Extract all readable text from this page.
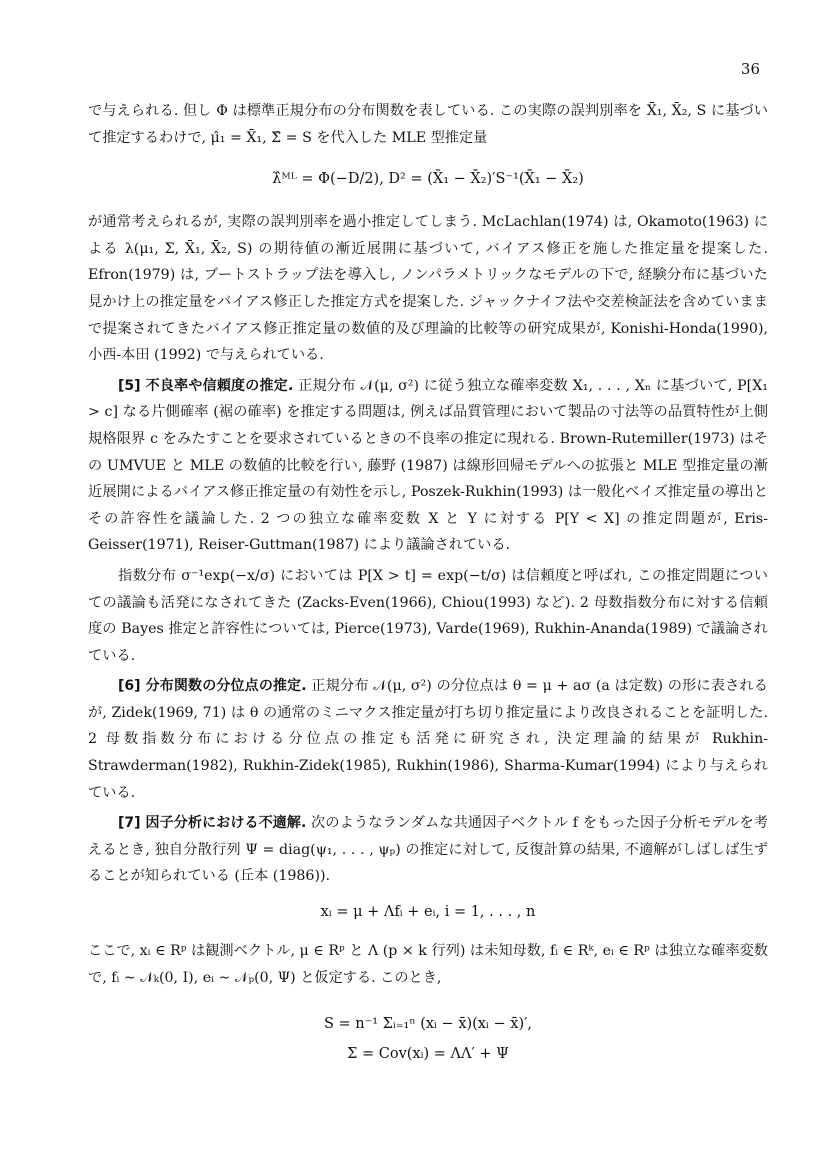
36

で与えられる. 但し Φ は標準正規分布の分布関数を表している. この実際の誤判別率を X̄₁, X̄₂, S に基づいて推定するわけで, μ̂₁ = X̄₁, Σ̂ = S を代入した MLE 型推定量

λ̂ᴹᴸ = Φ(−D/2), D² = (X̄₁ − X̄₂)′S⁻¹(X̄₁ − X̄₂)

が通常考えられるが, 実際の誤判別率を過小推定してしまう. McLachlan(1974) は, Okamoto(1963) による λ(μ₁, Σ, X̄₁, X̄₂, S) の期待値の漸近展開に基づいて, バイアス修正を施した推定量を提案した. Efron(1979) は, ブートストラップ法を導入し, ノンパラメトリックなモデルの下で, 経験分布に基づいた見かけ上の推定量をバイアス修正した推定方式を提案した. ジャックナイフ法や交差検証法を含めていままで提案されてきたバイアス修正推定量の数値的及び理論的比較等の研究成果が, Konishi-Honda(1990), 小西-本田 (1992) で与えられている.

[5] 不良率や信頼度の推定. 正規分布 𝒩(μ, σ²) に従う独立な確率変数 X₁, . . . , Xₙ に基づいて, P[X₁ > c] なる片側確率 (裾の確率) を推定する問題は, 例えば品質管理において製品の寸法等の品質特性が上側規格限界 c をみたすことを要求されているときの不良率の推定に現れる. Brown-Rutemiller(1973) はその UMVUE と MLE の数値的比較を行い, 藤野 (1987) は線形回帰モデルへの拡張と MLE 型推定量の漸近展開によるバイアス修正推定量の有効性を示し, Poszek-Rukhin(1993) は一般化ベイズ推定量の導出とその許容性を議論した. 2 つの独立な確率変数 X と Y に対する P[Y < X] の推定問題が, Eris-Geisser(1971), Reiser-Guttman(1987) により議論されている.

指数分布 σ⁻¹exp(−x/σ) においては P[X > t] = exp(−t/σ) は信頼度と呼ばれ, この推定問題についての議論も活発になされてきた (Zacks-Even(1966), Chiou(1993) など). 2 母数指数分布に対する信頼度の Bayes 推定と許容性については, Pierce(1973), Varde(1969), Rukhin-Ananda(1989) で議論されている.

[6] 分布関数の分位点の推定. 正規分布 𝒩(μ, σ²) の分位点は θ = μ + aσ (a は定数) の形に表されるが, Zidek(1969, 71) は θ の通常のミニマクス推定量が打ち切り推定量により改良されることを証明した. 2 母数指数分布における分位点の推定も活発に研究され, 決定理論的結果が Rukhin-Strawderman(1982), Rukhin-Zidek(1985), Rukhin(1986), Sharma-Kumar(1994) により与えられている.

[7] 因子分析における不適解. 次のようなランダムな共通因子ベクトル f をもった因子分析モデルを考えるとき, 独自分散行列 Ψ = diag(ψ₁, . . . , ψₚ) の推定に対して, 反復計算の結果, 不適解がしばしば生ずることが知られている (丘本 (1986)).

xᵢ = μ + Λfᵢ + eᵢ, i = 1, . . . , n

ここで, xᵢ ∈ Rᵖ は観測ベクトル, μ ∈ Rᵖ と Λ (p × k 行列) は未知母数, fᵢ ∈ Rᵏ, eᵢ ∈ Rᵖ は独立な確率変数で, fᵢ ∼ 𝒩ₖ(0, I), eᵢ ∼ 𝒩ₚ(0, Ψ) と仮定する. このとき,

S = n⁻¹ Σᵢ₌₁ⁿ (xᵢ − x̄)(xᵢ − x̄)′,
Σ = Cov(xᵢ) = ΛΛ′ + Ψ
